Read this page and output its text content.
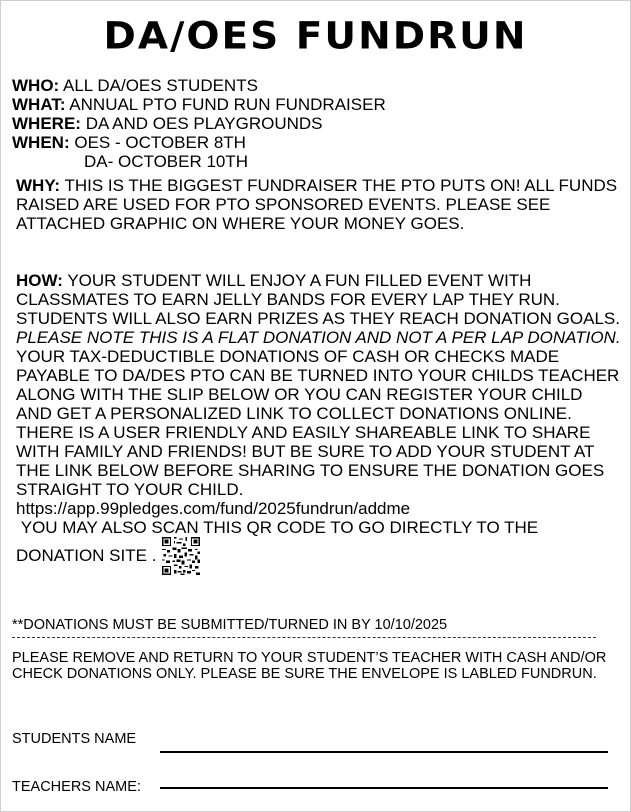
DA/OES FUNDRUN
WHO: ALL DA/OES STUDENTS
WHAT: ANNUAL PTO FUND RUN FUNDRAISER
WHERE: DA AND OES PLAYGROUNDS
WHEN: OES - OCTOBER 8TH
DA- OCTOBER 10TH
WHY: THIS IS THE BIGGEST FUNDRAISER THE PTO PUTS ON! ALL FUNDS RAISED ARE USED FOR PTO SPONSORED EVENTS. PLEASE SEE ATTACHED GRAPHIC ON WHERE YOUR MONEY GOES.
HOW: YOUR STUDENT WILL ENJOY A FUN FILLED EVENT WITH CLASSMATES TO EARN JELLY BANDS FOR EVERY LAP THEY RUN. STUDENTS WILL ALSO EARN PRIZES AS THEY REACH DONATION GOALS. PLEASE NOTE THIS IS A FLAT DONATION AND NOT A PER LAP DONATION. YOUR TAX-DEDUCTIBLE DONATIONS OF CASH OR CHECKS MADE PAYABLE TO DA/DES PTO CAN BE TURNED INTO YOUR CHILDS TEACHER ALONG WITH THE SLIP BELOW OR YOU CAN REGISTER YOUR CHILD AND GET A PERSONALIZED LINK TO COLLECT DONATIONS ONLINE. THERE IS A USER FRIENDLY AND EASILY SHAREABLE LINK TO SHARE WITH FAMILY AND FRIENDS! BUT BE SURE TO ADD YOUR STUDENT AT THE LINK BELOW BEFORE SHARING TO ENSURE THE DONATION GOES STRAIGHT TO YOUR CHILD.
https://app.99pledges.com/fund/2025fundrun/addme
YOU MAY ALSO SCAN THIS QR CODE TO GO DIRECTLY TO THE DONATION SITE .
**DONATIONS MUST BE SUBMITTED/TURNED IN BY 10/10/2025
PLEASE REMOVE AND RETURN TO YOUR STUDENT’S TEACHER WITH CASH AND/OR CHECK DONATIONS ONLY. PLEASE BE SURE THE ENVELOPE IS LABLED FUNDRUN.
STUDENTS NAME
TEACHERS NAME:
